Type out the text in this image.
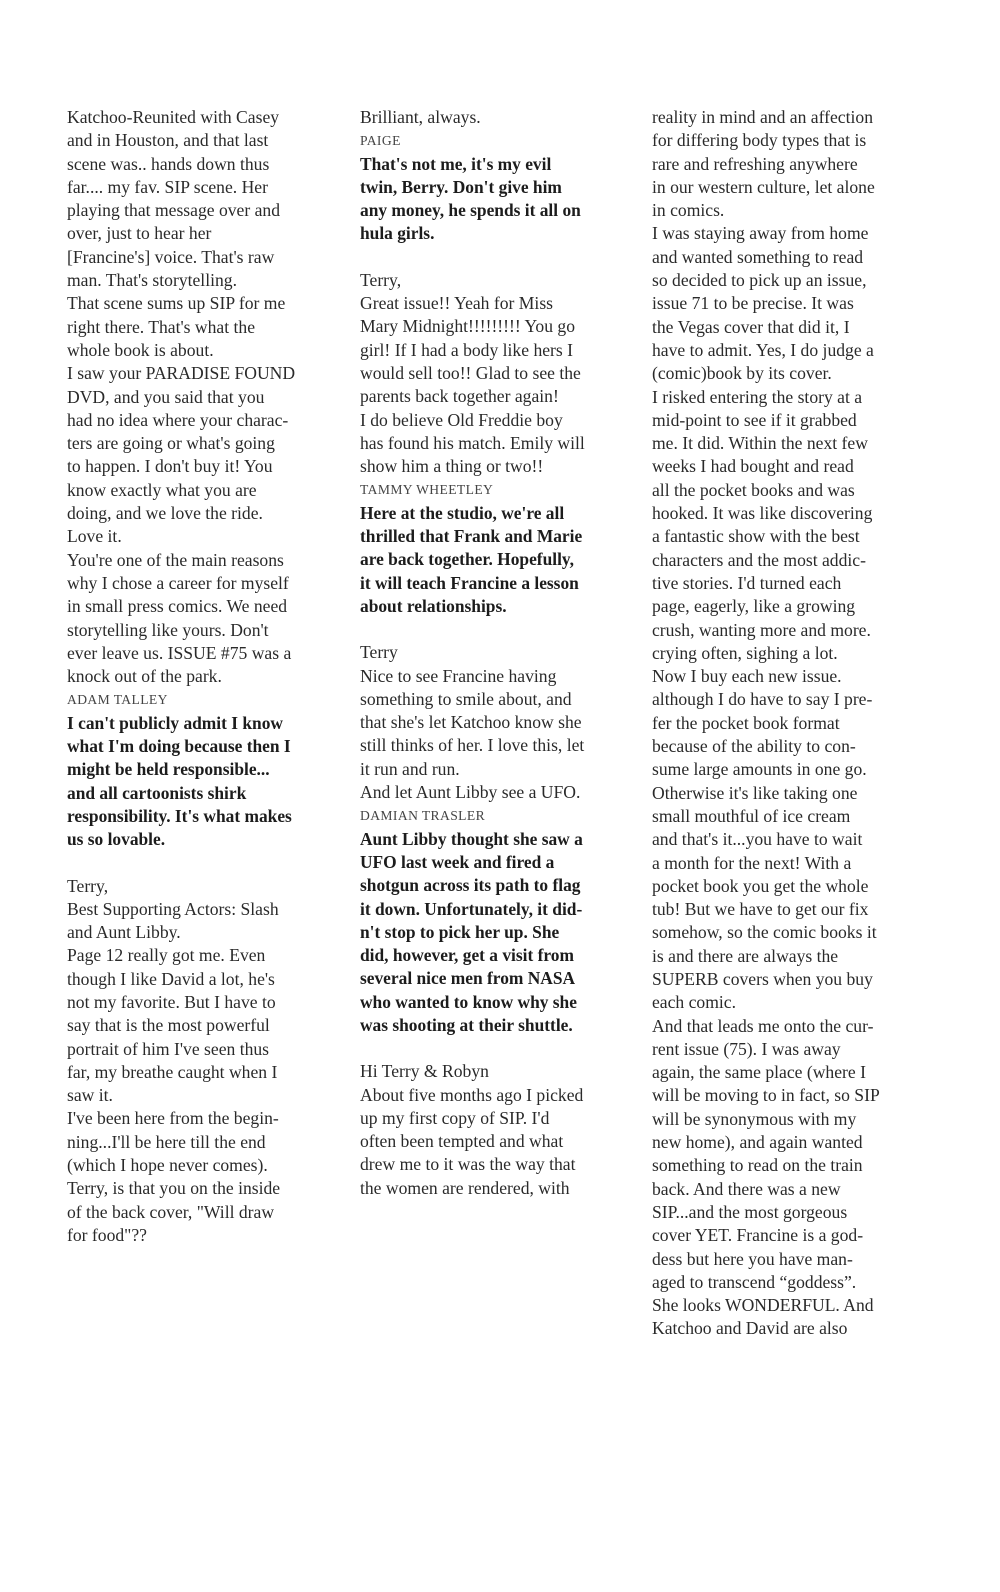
Katchoo-Reunited with Casey
and in Houston, and that last
scene was.. hands down thus
far.... my fav. SIP scene. Her
playing that message over and
over, just to hear her
[Francine's] voice. That's raw
man. That's storytelling.
That scene sums up SIP for me
right there. That's what the
whole book is about.
I saw your PARADISE FOUND
DVD, and you said that you
had no idea where your charac-
ters are going or what's going
to happen. I don't buy it! You
know exactly what you are
doing, and we love the ride.
Love it.
You're one of the main reasons
why I chose a career for myself
in small press comics. We need
storytelling like yours. Don't
ever leave us. ISSUE #75 was a
knock out of the park.
ADAM TALLEY
I can't publicly admit I know
what I'm doing because then I
might be held responsible...
and all cartoonists shirk
responsibility. It's what makes
us so lovable.
Terry,
Best Supporting Actors: Slash
and Aunt Libby.
Page 12 really got me. Even
though I like David a lot, he's
not my favorite. But I have to
say that is the most powerful
portrait of him I've seen thus
far, my breathe caught when I
saw it.
I've been here from the begin-
ning...I'll be here till the end
(which I hope never comes).
Terry, is that you on the inside
of the back cover, "Will draw
for food"??
Brilliant, always.
PAIGE
That's not me, it's my evil
twin, Berry. Don't give him
any money, he spends it all on
hula girls.
Terry,
Great issue!! Yeah for Miss
Mary Midnight!!!!!!!!! You go
girl! If I had a body like hers I
would sell too!! Glad to see the
parents back together again!
I do believe Old Freddie boy
has found his match. Emily will
show him a thing or two!!
TAMMY WHEETLEY
Here at the studio, we're all
thrilled that Frank and Marie
are back together. Hopefully,
it will teach Francine a lesson
about relationships.
Terry
Nice to see Francine having
something to smile about, and
that she's let Katchoo know she
still thinks of her. I love this, let
it run and run.
And let Aunt Libby see a UFO.
DAMIAN TRASLER
Aunt Libby thought she saw a
UFO last week and fired a
shotgun across its path to flag
it down. Unfortunately, it did-
n't stop to pick her up. She
did, however, get a visit from
several nice men from NASA
who wanted to know why she
was shooting at their shuttle.
Hi Terry & Robyn
About five months ago I picked
up my first copy of SIP. I'd
often been tempted and what
drew me to it was the way that
the women are rendered, with
reality in mind and an affection
for differing body types that is
rare and refreshing anywhere
in our western culture, let alone
in comics.
I was staying away from home
and wanted something to read
so decided to pick up an issue,
issue 71 to be precise. It was
the Vegas cover that did it, I
have to admit. Yes, I do judge a
(comic)book by its cover.
I risked entering the story at a
mid-point to see if it grabbed
me. It did. Within the next few
weeks I had bought and read
all the pocket books and was
hooked. It was like discovering
a fantastic show with the best
characters and the most addic-
tive stories. I'd turned each
page, eagerly, like a growing
crush, wanting more and more.
crying often, sighing a lot.
Now I buy each new issue.
although I do have to say I pre-
fer the pocket book format
because of the ability to con-
sume large amounts in one go.
Otherwise it's like taking one
small mouthful of ice cream
and that's it...you have to wait
a month for the next! With a
pocket book you get the whole
tub! But we have to get our fix
somehow, so the comic books it
is and there are always the
SUPERB covers when you buy
each comic.
And that leads me onto the cur-
rent issue (75). I was away
again, the same place (where I
will be moving to in fact, so SIP
will be synonymous with my
new home), and again wanted
something to read on the train
back. And there was a new
SIP...and the most gorgeous
cover YET. Francine is a god-
dess but here you have man-
aged to transcend “goddess”.
She looks WONDERFUL. And
Katchoo and David are also
